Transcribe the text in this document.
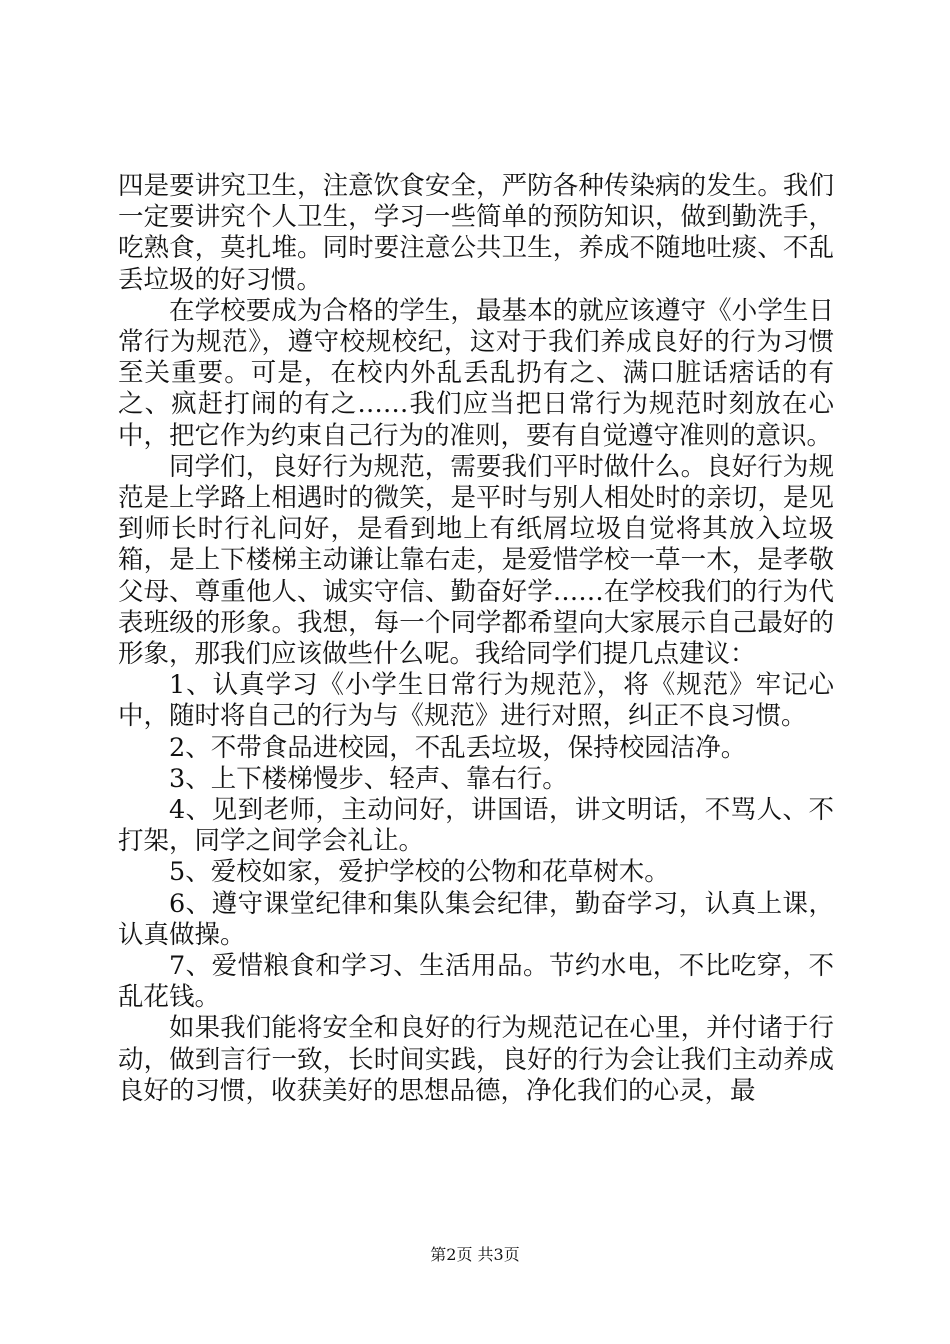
四是要讲究卫生，注意饮食安全，严防各种传染病的发生。我们一定要讲究个人卫生，学习一些简单的预防知识，做到勤洗手，吃熟食，莫扎堆。同时要注意公共卫生，养成不随地吐痰、不乱丢垃圾的好习惯。

在学校要成为合格的学生，最基本的就应该遵守《小学生日常行为规范》，遵守校规校纪，这对于我们养成良好的行为习惯至关重要。可是，在校内外乱丢乱扔有之、满口脏话痞话的有之、疯赶打闹的有之……我们应当把日常行为规范时刻放在心中，把它作为约束自己行为的准则，要有自觉遵守准则的意识。

同学们，良好行为规范，需要我们平时做什么。良好行为规范是上学路上相遇时的微笑，是平时与别人相处时的亲切，是见到师长时行礼问好，是看到地上有纸屑垃圾自觉将其放入垃圾箱，是上下楼梯主动谦让靠右走，是爱惜学校一草一木，是孝敬父母、尊重他人、诚实守信、勤奋好学……在学校我们的行为代表班级的形象。我想，每一个同学都希望向大家展示自己最好的形象，那我们应该做些什么呢。我给同学们提几点建议：

1、认真学习《小学生日常行为规范》，将《规范》牢记心中，随时将自己的行为与《规范》进行对照，纠正不良习惯。

2、不带食品进校园，不乱丢垃圾，保持校园洁净。

3、上下楼梯慢步、轻声、靠右行。

4、见到老师，主动问好，讲国语，讲文明话，不骂人、不打架，同学之间学会礼让。

5、爱校如家，爱护学校的公物和花草树木。

6、遵守课堂纪律和集队集会纪律，勤奋学习，认真上课，认真做操。

7、爱惜粮食和学习、生活用品。节约水电，不比吃穿，不乱花钱。

如果我们能将安全和良好的行为规范记在心里，并付诸于行动，做到言行一致，长时间实践，良好的行为会让我们主动养成良好的习惯，收获美好的思想品德，净化我们的心灵，最

第2页 共3页
